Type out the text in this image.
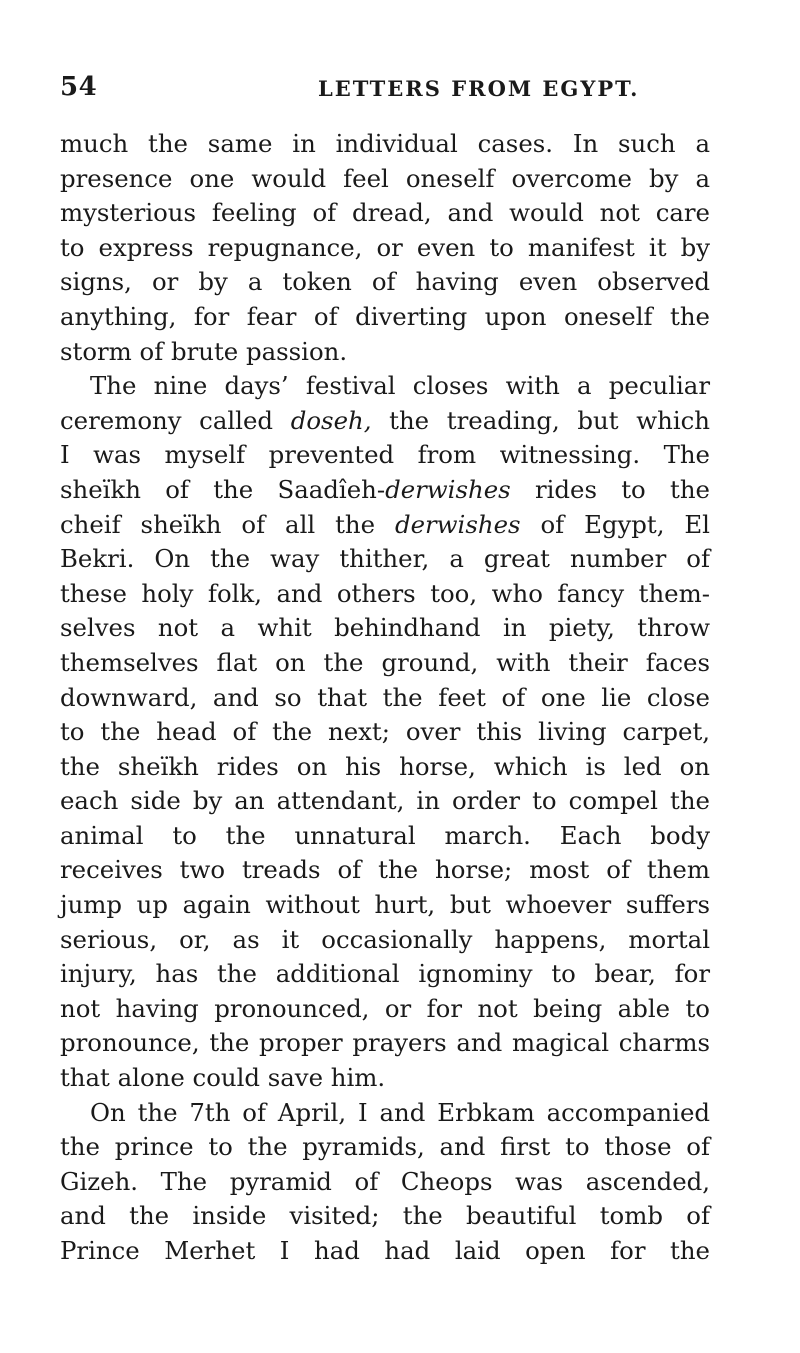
54	LETTERS FROM EGYPT.
much the same in individual cases. In such a
presence one would feel oneself overcome by a
mysterious feeling of dread, and would not care
to express repugnance, or even to manifest it by
signs, or by a token of having even observed
anything, for fear of diverting upon oneself the
storm of brute passion.
The nine days’ festival closes with a peculiar
ceremony called doseh, the treading, but which
I was myself prevented from witnessing. The
sheïkh of the Saadîeh-derwishes rides to the
cheif sheïkh of all the derwishes of Egypt, El
Bekri. On the way thither, a great number of
these holy folk, and others too, who fancy them-
selves not a whit behindhand in piety, throw
themselves flat on the ground, with their faces
downward, and so that the feet of one lie close
to the head of the next; over this living carpet,
the sheïkh rides on his horse, which is led on
each side by an attendant, in order to compel the
animal to the unnatural march. Each body
receives two treads of the horse; most of them
jump up again without hurt, but whoever suffers
serious, or, as it occasionally happens, mortal
injury, has the additional ignominy to bear, for
not having pronounced, or for not being able to
pronounce, the proper prayers and magical charms
that alone could save him.
On the 7th of April, I and Erbkam accompanied
the prince to the pyramids, and first to those of
Gizeh. The pyramid of Cheops was ascended,
and the inside visited; the beautiful tomb of
Prince Merhet I had had laid open for the
